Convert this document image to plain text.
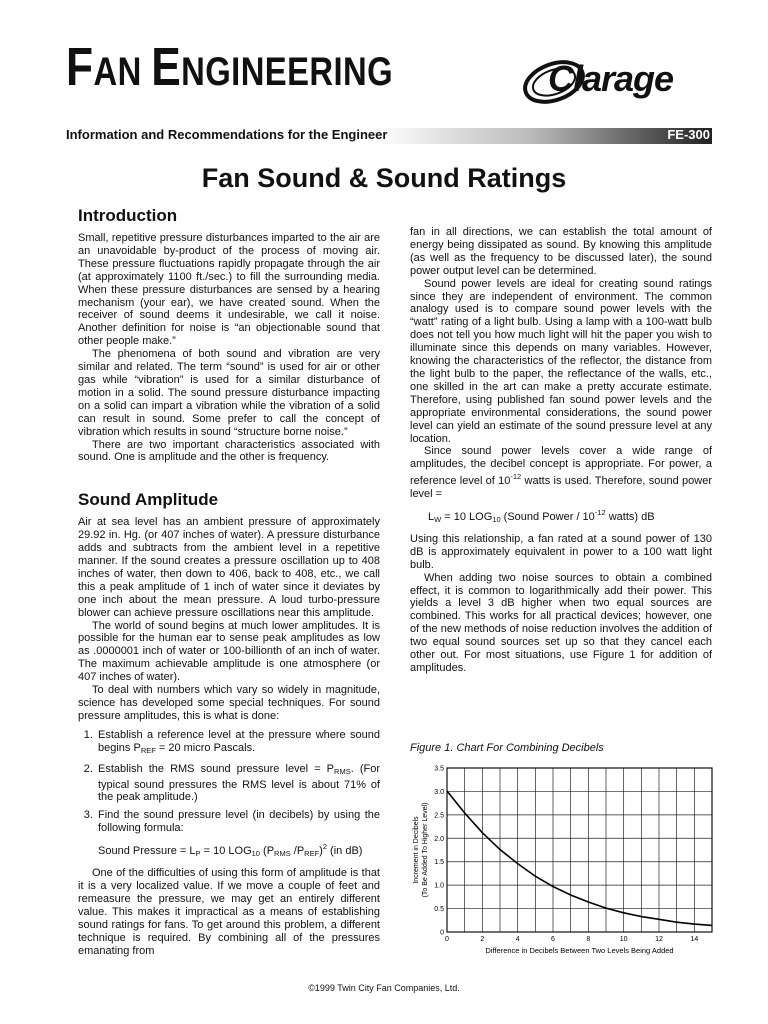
FAN ENGINEERING	Clarage
Information and Recommendations for the Engineer	FE-300
Fan Sound & Sound Ratings
Introduction

Small, repetitive pressure disturbances imparted to the air are an unavoidable by-product of the process of moving air. These pressure fluctuations rapidly propagate through the air (at approximately 1100 ft./sec.) to fill the surrounding media. When these pressure disturbances are sensed by a hearing mechanism (your ear), we have created sound. When the receiver of sound deems it undesirable, we call it noise. Another definition for noise is “an objectionable sound that other people make.”

The phenomena of both sound and vibration are very similar and related. The term “sound” is used for air or other gas while “vibration” is used for a similar disturbance of motion in a solid. The sound pressure disturbance impacting on a solid can impart a vibration while the vibration of a solid can result in sound. Some prefer to call the concept of vibration which results in sound “structure borne noise.”

There are two important characteristics associated with sound. One is amplitude and the other is frequency.

Sound Amplitude

Air at sea level has an ambient pressure of approximately 29.92 in. Hg. (or 407 inches of water). A pressure disturbance adds and subtracts from the ambient level in a repetitive manner. If the sound creates a pressure oscillation up to 408 inches of water, then down to 406, back to 408, etc., we call this a peak amplitude of 1 inch of water since it deviates by one inch about the mean pressure. A loud turbo-pressure blower can achieve pressure oscillations near this amplitude.

The world of sound begins at much lower amplitudes. It is possible for the human ear to sense peak amplitudes as low as .0000001 inch of water or 100-billionth of an inch of water. The maximum achievable amplitude is one atmosphere (or 407 inches of water).

To deal with numbers which vary so widely in magnitude, science has developed some special techniques. For sound pressure amplitudes, this is what is done:

1. Establish a reference level at the pressure where sound begins $P_{REF} = 20$ micro Pascals.
2. Establish the RMS sound pressure level = $P_{RMS}$. (For typical sound pressures the RMS level is about 71% of the peak amplitude.)
3. Find the sound pressure level (in decibels) by using the following formula:

Sound Pressure = $L_P = 10$ $LOG_{10}$ ($P_{RMS}$ $/P_{REF})^2$ (in dB)

One of the difficulties of using this form of amplitude is that it is a very localized value. If we move a couple of feet and remeasure the pressure, we may get an entirely different value. This makes it impractical as a means of establishing sound ratings for fans. To get around this problem, a different technique is required. By combining all of the pressures emanating from

fan in all directions, we can establish the total amount of energy being dissipated as sound. By knowing this amplitude (as well as the frequency to be discussed later), the sound power output level can be determined.

Sound power levels are ideal for creating sound ratings since they are independent of environment. The common analogy used is to compare sound power levels with the “watt” rating of a light bulb. Using a lamp with a 100-watt bulb does not tell you how much light will hit the paper you wish to illuminate since this depends on many variables. However, knowing the characteristics of the reflector, the distance from the light bulb to the paper, the reflectance of the walls, etc., one skilled in the art can make a pretty accurate estimate. Therefore, using published fan sound power levels and the appropriate environmental considerations, the sound power level can yield an estimate of the sound pressure level at any location.

Since sound power levels cover a wide range of amplitudes, the decibel concept is appropriate. For power, a reference level of $10^{-12}$ watts is used. Therefore, sound power level =

$L_W = 10$ $LOG_{10}$ (Sound Power / $10^{-12}$ watts) dB

Using this relationship, a fan rated at a sound power of 130 dB is approximately equivalent in power to a 100 watt light bulb.

When adding two noise sources to obtain a combined effect, it is common to logarithmically add their power. This yields a level 3 dB higher when two equal sources are combined. This works for all practical devices; however, one of the new methods of noise reduction involves the addition of two equal sound sources set up so that they cancel each other out. For most situations, use Figure 1 for addition of amplitudes.

Figure 1. Chart For Combining Decibels
0
0.5
1.0
1.5
2.0
2.5
3.0
3.5
0	2	4	6	8	10	12	14
Difference in Decibels Between Two Levels Being Added
Increment in Decibels (To Be Added To Higher Level)
©1999 Twin City Fan Companies, Ltd.
